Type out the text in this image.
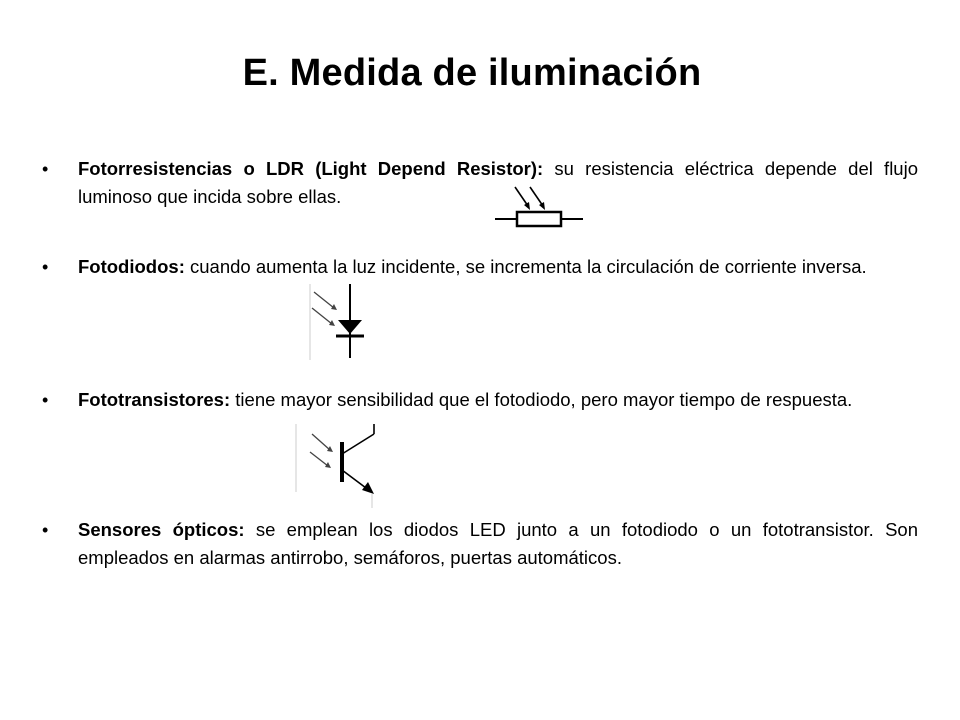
E. Medida de iluminación
• Fotorresistencias o LDR (Light Depend Resistor): su resistencia eléctrica depende del flujo luminoso que incida sobre ellas.
• Fotodiodos: cuando aumenta la luz incidente, se incrementa la circulación de corriente inversa.
• Fototransistores: tiene mayor sensibilidad que el fotodiodo, pero mayor tiempo de respuesta.
• Sensores ópticos: se emplean los diodos LED junto a un fotodiodo o un fototransistor. Son empleados en alarmas antirrobo, semáforos, puertas automáticos.
